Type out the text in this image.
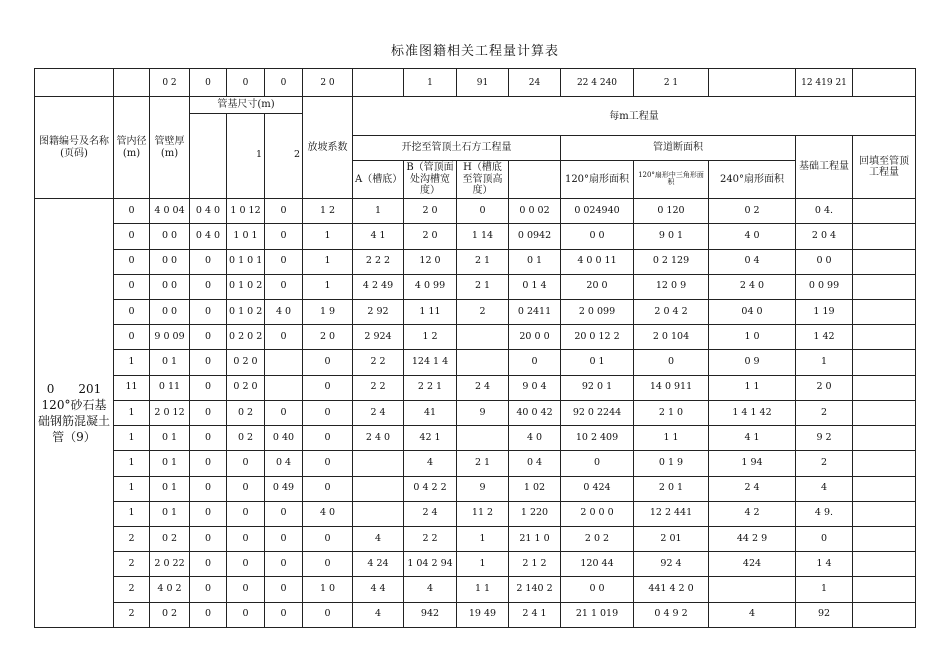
标准图籍相关工程量计算表
		0 2	0	0	0	2 0		1	91	24	22 4 240	2 1		12 419 21		
图籍编号及名称(页码)	管内径(m)	管壁厚(m)	管基尺寸(m)			放坡系数	每m工程量									
				1	2											
							开挖至管顶土石方工程量				管道断面积			基础工程量	回填至管顶工程量	
							A（槽底）	B（管顶面处沟槽宽度）	H（槽底至管顶高度）		120°扇形面积	120°扇形中三角形面积	240°扇形面积			
0　　201 120°砂石基础钢筋混凝土管（9）	0	4 0 04	0 4 0	1 0 12	0	1 2	1	2 0	0	0 0 02	0 024940	0 120	0 2	0 4.		
	0	0 0	0 4 0	1 0 1	0	1	4 1	2 0	1 14	0 0942	0 0	9 0 1	4 0	2 0 4		
	0	0 0	0	0 1 0 1	0	1	2 2 2	12 0	2 1	0 1	4 0 0 11	0 2 129	0 4	0 0		
	0	0 0	0	0 1 0 2	0	1	4 2 49	4 0 99	2 1	0 1 4	20 0	12 0 9	2 4 0	0 0 99		
	0	0 0	0	0 1 0 2	4 0	1 9	2 92	1 11	2	0 2411	2 0 099	2 0 4 2	04 0	1 19		
	0	9 0 09	0	0 2 0 2	0	2 0	2 924	1 2		20 0 0	20 0 12 2	2 0 104	1 0	1 42		
	1	0 1	0	0 2 0		0	2 2	124 1 4		0	0 1	0	0 9	1		
	11	0 11	0	0 2 0		0	2 2	2 2 1	2 4	9 0 4	92 0 1	14 0 911	1 1	2 0		
	1	2 0 12	0	0 2	0	0	2 4	41	9	40 0 42	92 0 2244	2 1 0	1 4 1 42	2		
	1	0 1	0	0 2	0 40	0	2 4 0	42 1		4 0	10 2 409	1 1	4 1	9 2		
	1	0 1	0	0	0 4	0		4	2 1	0 4	0	0 1 9	1 94	2		
	1	0 1	0	0	0 49	0		0 4 2 2	9	1 02	0 424	2 0 1	2 4	4		
	1	0 1	0	0	0	4 0		2 4	11 2	1 220	2 0 0 0	12 2 441	4 2	4 9.		
	2	0 2	0	0	0	0	4	2 2	1	21 1 0	2 0 2	2 01	44 2 9	0		
	2	2 0 22	0	0	0	0	4 24	1 04 2 94	1	2 1 2	120 44	92 4	424	1 4		
	2	4 0 2	0	0	0	1 0	4 4	4	1 1	2 140 2	0 0	441 4 2 0		1		
	2	0 2	0	0	0	0	4	942	19 49	2 4 1	21 1 019	0 4 9 2	4	92		
